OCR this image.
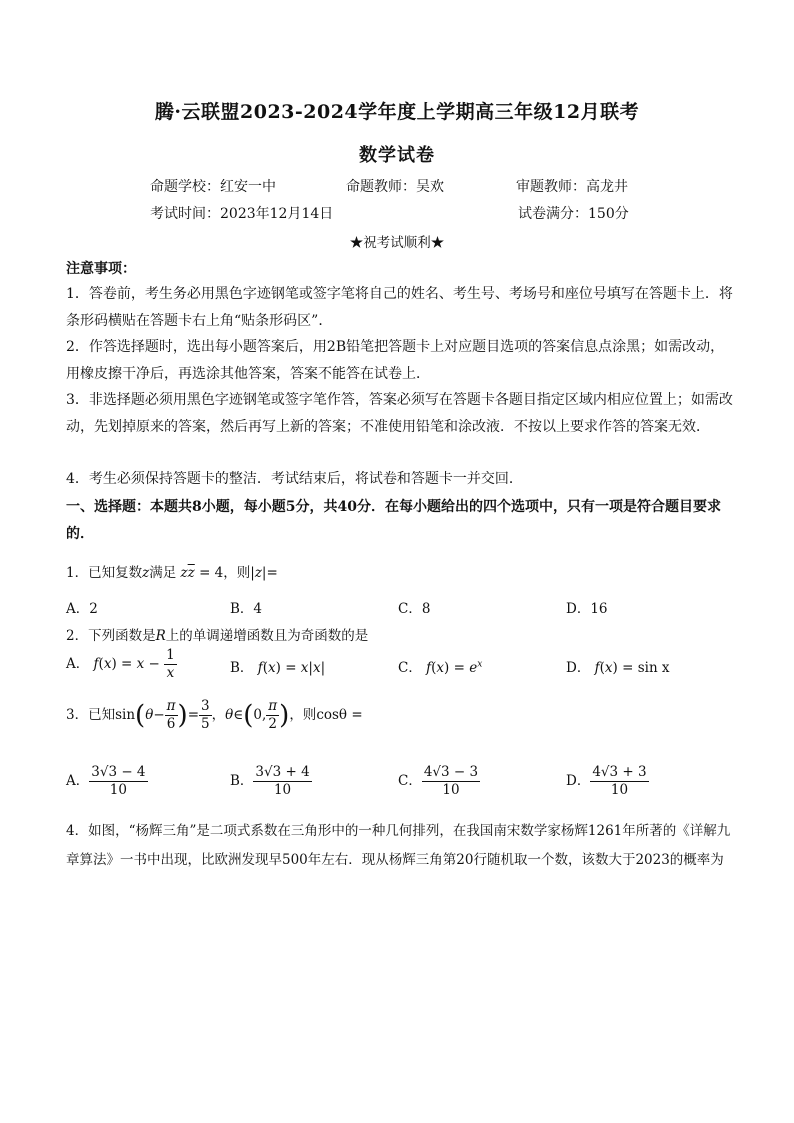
腾·云联盟2023-2024学年度上学期高三年级12月联考
数学试卷
命题学校：红安一中	命题教师：吴欢	审题教师：高龙井
考试时间：2023年12月14日	试卷满分：150分
★祝考试顺利★
注意事项：
1．答卷前，考生务必用黑色字迹钢笔或签字笔将自己的姓名、考生号、考场号和座位号填写在答题卡上．将条形码横贴在答题卡右上角“贴条形码区”．
2．作答选择题时，选出每小题答案后，用2B铅笔把答题卡上对应题目选项的答案信息点涂黑；如需改动，用橡皮擦干净后，再选涂其他答案，答案不能答在试卷上．
3．非选择题必须用黑色字迹钢笔或签字笔作答，答案必须写在答题卡各题目指定区域内相应位置上；如需改动，先划掉原来的答案，然后再写上新的答案；不准使用铅笔和涂改液．不按以上要求作答的答案无效．
4．考生必须保持答题卡的整洁．考试结束后，将试卷和答题卡一并交回．
一、选择题：本题共8小题，每小题5分，共40分．在每小题给出的四个选项中，只有一项是符合题目要求的．
1．已知复数z满足 $z\overline{z} = 4$，则|z|=
A．2	B．4	C．8	D．16
2．下列函数是R上的单调递增函数且为奇函数的是
A． $f(x) = x - \frac{1}{x}$	B． f(x) = x|x|	C． $f(x) = e^x$	D． f(x) = sin x
3．已知$\sin(\theta- \frac{\pi}{6}$ )= $\frac{3}{5}$ ，θ∈(0, $\frac{\pi}{2}$ )，则cosθ =
A． $\frac{3√3 - 4}{10}$	B． $\frac{3√3 + 4}{10}$	C． $\frac{4√3 - 3}{10}$	D． $\frac{4√3 + 3}{10}$
4．如图，“杨辉三角”是二项式系数在三角形中的一种几何排列，在我国南宋数学家杨辉1261年所著的《详解九章算法》一书中出现，比欧洲发现早500年左右．现从杨辉三角第20行随机取一个数，该数大于2023的概率为
